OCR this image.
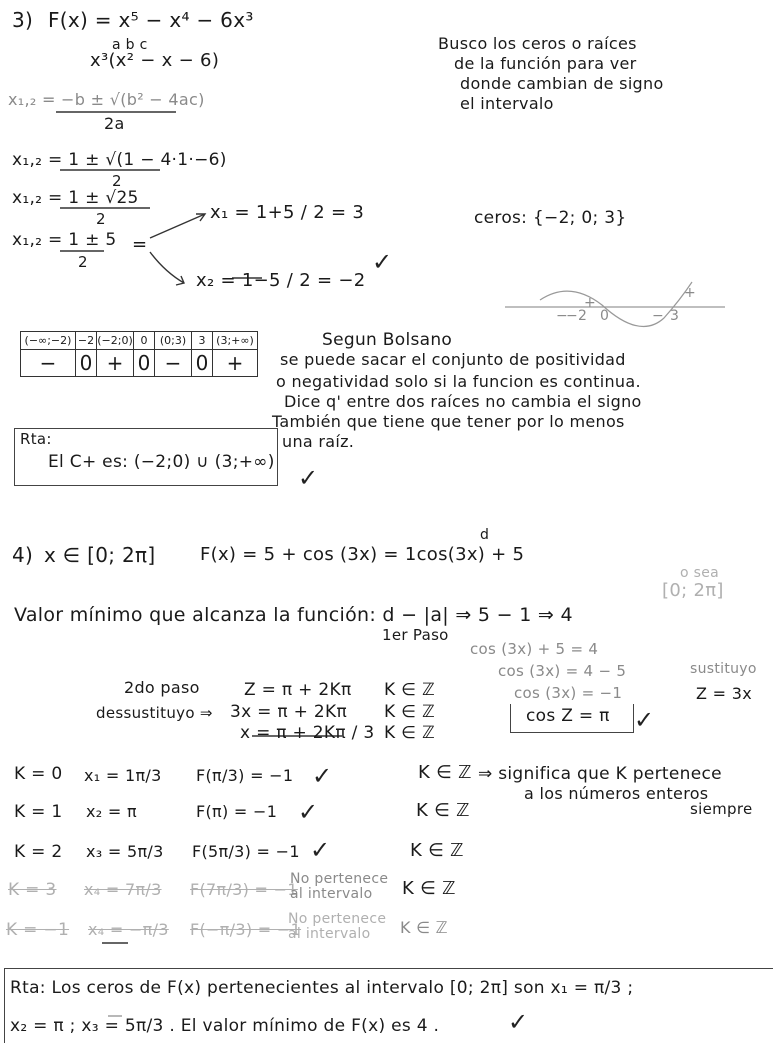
3) F(x) = x⁵ − x⁴ − 6x³
a b c
x³(x² − x − 6)
x₁,₂ = −b ± √(b² − 4ac)
2a
x₁,₂ = 1 ± √(1 − 4·1·−6)
2
x₁,₂ = 1 ± √25
2
x₁,₂ = 1 ± 5
2
=
x₁ = 1+5 / 2 = 3
x₂ = 1−5 / 2 = −2
✓
Busco los ceros o raíces
de la función para ver
donde cambian de signo
el intervalo
ceros: {−2; 0; 3}
−
−2
+
0	− 3
+
(−∞;−2)	−2	(−2;0)	0	(0;3)	3	(3;+∞)
−	0	+	0	−	0	+
Segun Bolsano
se puede sacar el conjunto de positividad
o negatividad solo si la funcion es continua.
Dice q' entre dos raíces no cambia el signo
También que tiene que tener por lo menos
una raíz.
Rta:
El C+ es: (−2;0) ∪ (3;+∞)
✓
4) x ∈ [0; 2π] F(x) = 5 + cos (3x) = 1cos(3x) + 5
d
o sea
[0; 2π]
Valor mínimo que alcanza la función: d − |a| ⇒ 5 − 1 ⇒ 4
1er Paso
cos (3x) + 5 = 4
cos (3x) = 4 − 5
cos (3x) = −1
cos Z = π ✓
sustituyo
Z = 3x
2do paso
dessustituyo ⇒
Z = π + 2Kπ
3x = π + 2Kπ
x = π + 2Kπ / 3
K ∈ ℤ
K ∈ ℤ
K ∈ ℤ
K = 0 x₁ = 1π/3 F(π/3) = −1 ✓	K ∈ ℤ ⇒ significa que K pertenece
a los números enteros
siempre
K = 1 x₂ = π	F(π) = −1 ✓	K ∈ ℤ
K = 2 x₃ = 5π/3 F(5π/3) = −1 ✓	K ∈ ℤ
K = 3 x₄ = 7π/3 F(7π/3) = −1
No pertenece al intervalo	K ∈ ℤ
K = −1 x₄ = −π/3 F(−π/3) = −1
No pertenece al intervalo	K ∈ ℤ
Rta: Los ceros de F(x) pertenecientes al intervalo [0; 2π] son x₁ = π/3 ;
x₂ = π ; x₃ = 5π/3 . El valor mínimo de F(x) es 4 .	✓
